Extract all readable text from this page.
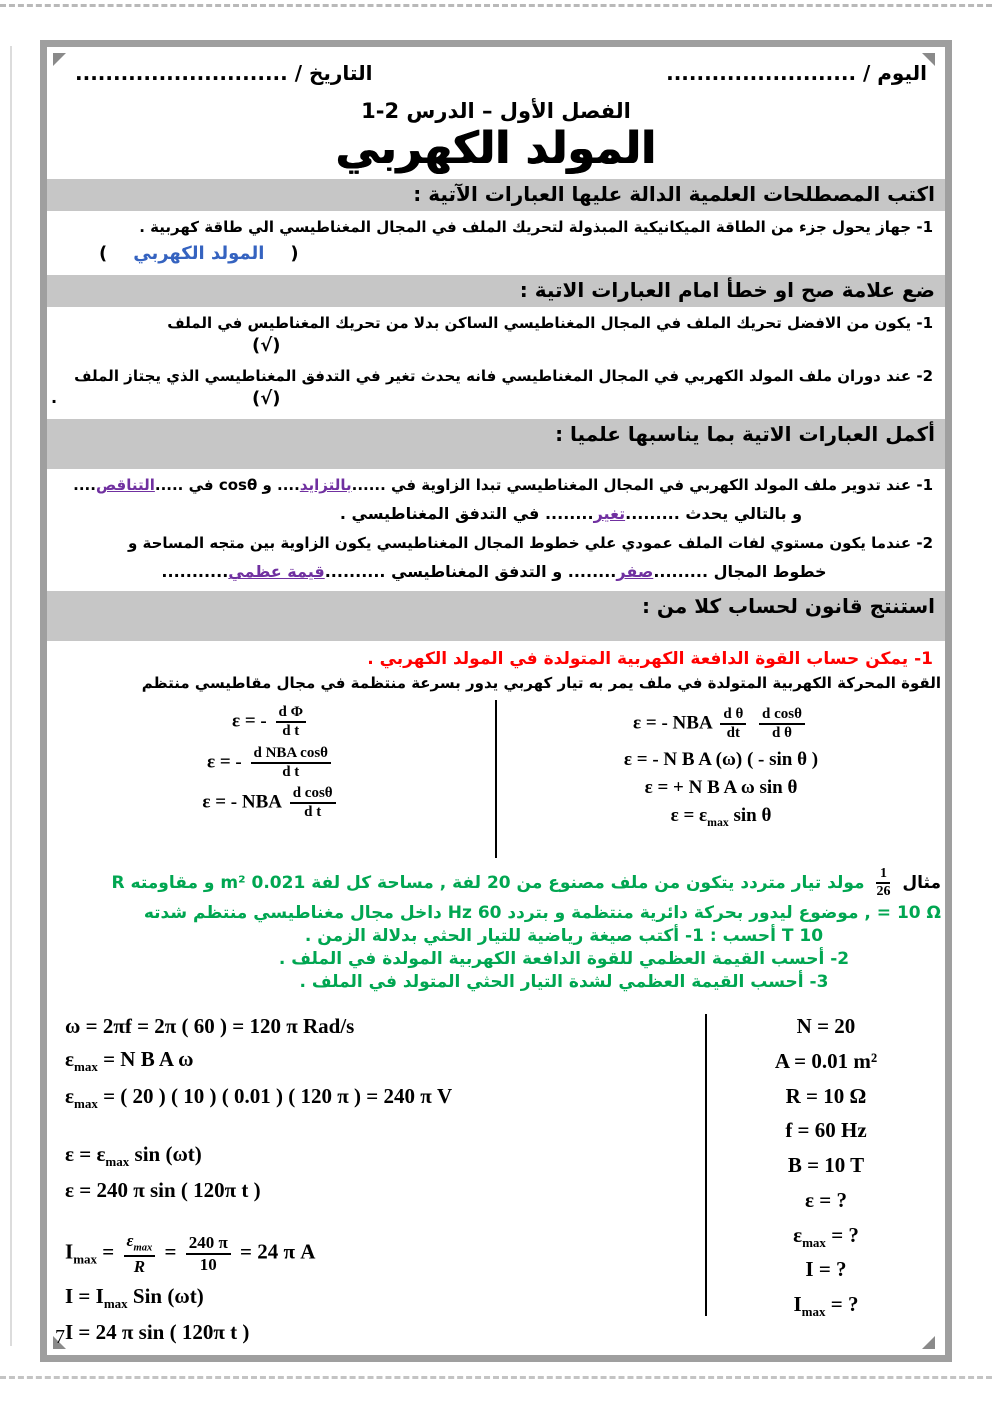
اليوم / .........................
التاريخ / ............................
الفصل الأول – الدرس 2-1
المولد الكهربي
اكتب المصطلحات العلمية الدالة عليها العبارات الآتية :
1- جهاز يحول جزء من الطاقة الميكانيكية المبذولة لتحريك الملف في المجال المغناطيسي الي طاقة كهربية .
( المولد الكهربي )
ضع علامة صح او خطأ امام العبارات الاتية :
1- يكون من الافضل تحريك الملف في المجال المغناطيسي الساكن بدلا من تحريك المغناطيس في الملف
(√)
2- عند دوران ملف المولد الكهربي في المجال المغناطيسي فانه يحدث تغير في التدفق المغناطيسي الذي يجتاز الملف
.	(√)
أكمل العبارات الاتية بما يناسبها علميا :
1- عند تدوير ملف المولد الكهربي في المجال المغناطيسي تبدا الزاوية في ......بالتزايد.... و cosθ في .....التناقص....
و بالتالي يحدث .........تغير........ في التدفق المغناطيسي .
2- عندما يكون مستوي لفات الملف عمودي علي خطوط المجال المغناطيسي يكون الزاوية بين متجه المساحة و
خطوط المجال .........صفر........ و التدفق المغناطيسي ..........قيمة عظمي...........
استنتج قانون لحساب كلا من :
1- يمكن حساب القوة الدافعة الكهربية المتولدة في المولد الكهربي .
القوة المحركة الكهربية المتولدة في ملف يمر به تيار كهربي يدور بسرعة منتظمة في مجال مقاطيسي منتظم
ε = - $\frac{\text{d Φ}}{\text{d t}}$
ε = - $\frac{\text{d NBA cosθ}}{\text{d t}}$
ε = - NBA $\frac{\text{d cosθ}}{\text{d t}}$
ε = - NBA $\frac{\text{d θ}}{dt}$
$\frac{\text{d cosθ}}{\text{d θ}}$
ε = - N B A (ω) ( - sin θ )
ε = + N B A ω sin θ
$\varepsilon = \varepsilon_{max}$ sin θ
مثال
$\frac{1}{26}$
مولد تيار متردد يتكون من ملف مصنوع من 20 لفة , مساحة كل لفة 0.021 m² و مقاومته R
= 10 Ω , موضوع ليدور بحركة دائرية منتظمة و بتردد 60 Hz داخل مجال مغناطيسي منتظم شدته
10 T أحسب : 1- أكتب صيغة رياضية للتيار الحثي بدلالة الزمن .
2- أحسب القيمة العظمي للقوة الدافعة الكهربية المولدة في الملف .
3- أحسب القيمة العظمي لشدة التيار الحثي المتولد في الملف .
ω = 2πf = 2π ( 60 ) = 120 π Rad/s
$\varepsilon_{max} = N$ B A ω
$\varepsilon_{max}$ = ( 20 ) ( 10 ) ( 0.01 ) ( 120 π ) = 240 π V
$\varepsilon = \varepsilon_{max}$ sin (ωt)
ε = 240 π sin ( 120π t )
$I_{max} = \frac{\varepsilon_{max}}{R} = \frac{240 \pi}{10} = 24$ π A
$I = I_{max}$ Sin (ωt)
I = 24 π sin ( 120π t )
N = 20
A = 0.01 m²
R = 10 Ω
f = 60 Hz
B = 10 T
ε = ?
$\varepsilon_{max}$ = ?
I = ?
$I_{max}$ = ?
7
